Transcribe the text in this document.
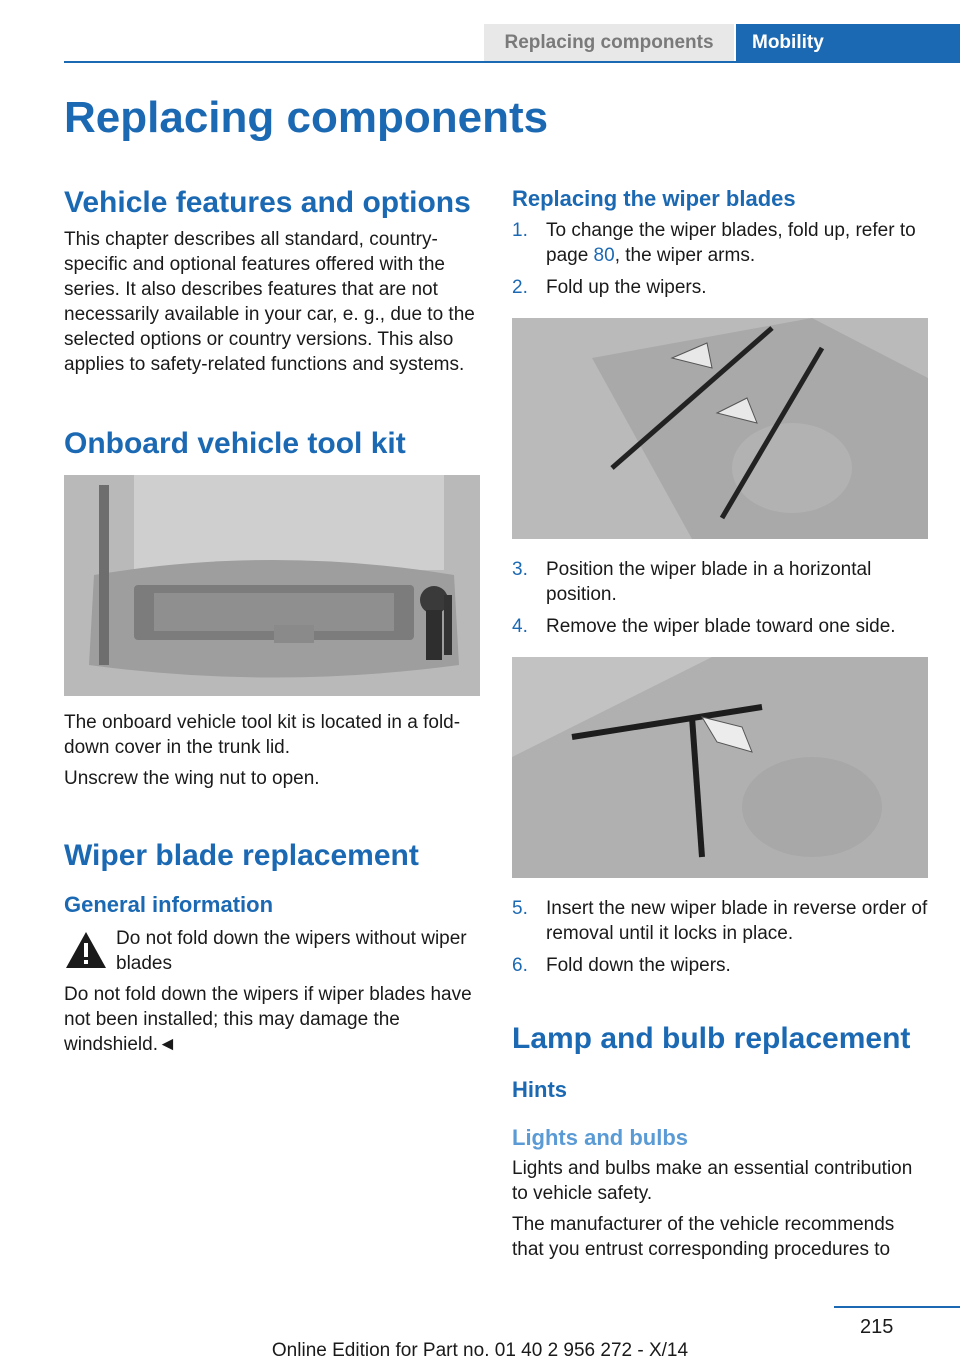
Replacing components	Mobility
Replacing components
Vehicle features and options

This chapter describes all standard, country-specific and optional features offered with the series. It also describes features that are not necessarily available in your car, e. g., due to the selected options or country versions. This also applies to safety-related functions and systems.

Onboard vehicle tool kit

The onboard vehicle tool kit is located in a fold-down cover in the trunk lid.

Unscrew the wing nut to open.

Wiper blade replacement
General information

Do not fold down the wipers without wiper blades

Do not fold down the wipers if wiper blades have not been installed; this may damage the windshield.◄

Replacing the wiper blades
1. To change the wiper blades, fold up, refer to page 80, the wiper arms.
2. Fold up the wipers.
3. Position the wiper blade in a horizontal position.
4. Remove the wiper blade toward one side.
5. Insert the new wiper blade in reverse order of removal until it locks in place.
6. Fold down the wipers.
Lamp and bulb replacement
Hints
Lights and bulbs

Lights and bulbs make an essential contribution to vehicle safety.

The manufacturer of the vehicle recommends that you entrust corresponding procedures to

215
Online Edition for Part no. 01 40 2 956 272 - X/14
